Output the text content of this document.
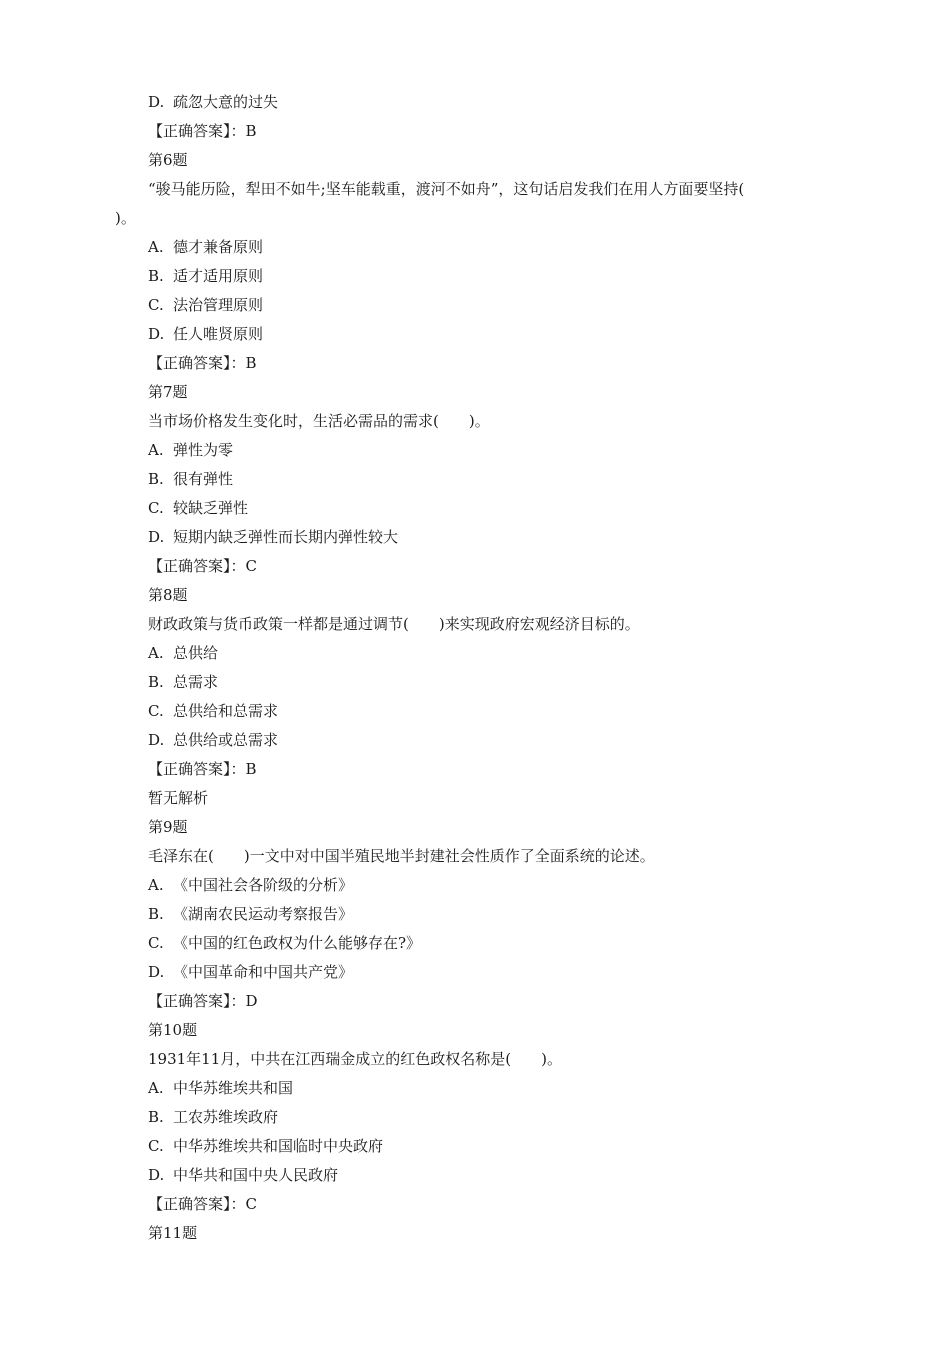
D. 疏忽大意的过失
【正确答案】：B
第6题
“骏马能历险，犁田不如牛;坚车能载重，渡河不如舟”，这句话启发我们在用人方面要坚持(
)。
A. 德才兼备原则
B. 适才适用原则
C. 法治管理原则
D. 任人唯贤原则
【正确答案】：B
第7题
当市场价格发生变化时，生活必需品的需求(　　)。
A. 弹性为零
B. 很有弹性
C. 较缺乏弹性
D. 短期内缺乏弹性而长期内弹性较大
【正确答案】：C
第8题
财政政策与货币政策一样都是通过调节(　　)来实现政府宏观经济目标的。
A. 总供给
B. 总需求
C. 总供给和总需求
D. 总供给或总需求
【正确答案】：B
暂无解析
第9题
毛泽东在(　　)一文中对中国半殖民地半封建社会性质作了全面系统的论述。
A. 《中国社会各阶级的分析》
B. 《湖南农民运动考察报告》
C. 《中国的红色政权为什么能够存在?》
D. 《中国革命和中国共产党》
【正确答案】：D
第10题
1931年11月，中共在江西瑞金成立的红色政权名称是(　　)。
A. 中华苏维埃共和国
B. 工农苏维埃政府
C. 中华苏维埃共和国临时中央政府
D. 中华共和国中央人民政府
【正确答案】：C
第11题
